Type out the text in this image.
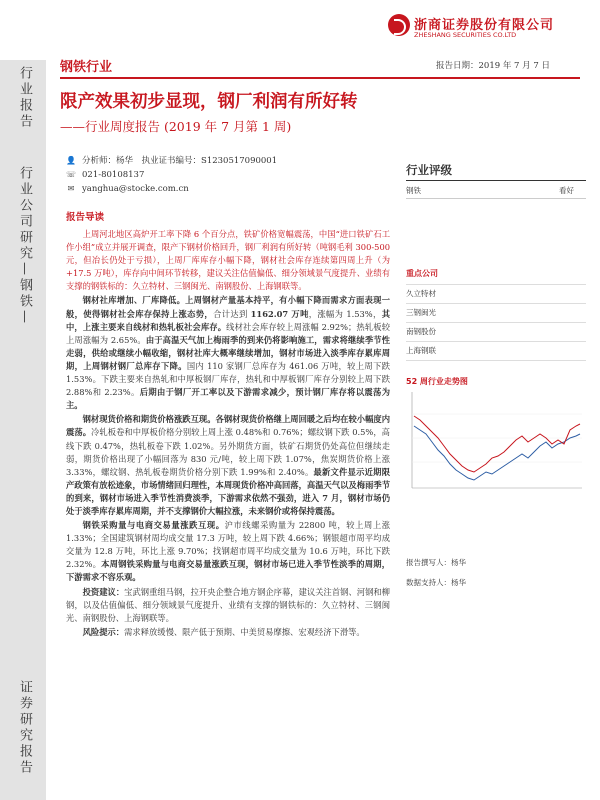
行业报告
行业公司研究—钢铁—
证券研究报告
浙商证券股份有限公司
ZHESHANG SECURITIES CO.LTD
钢铁行业	报告日期：2019 年 7 月 7 日
限产效果初步显现，钢厂利润有所好转
——行业周度报告 (2019 年 7 月第 1 周)
👤 分析师：杨华　执业证书编号：S1230517090001
☏ 021-80108137
✉ yanghua@stocke.com.cn
报告导读

上周河北地区高炉开工率下降 6 个百分点，铁矿价格宽幅震荡，中国“进口铁矿石工作小组”成立并展开调查，限产下钢材价格回升，钢厂利润有所好转（吨钢毛利 300-500 元，但冶长仍处于亏损），上周厂库库存小幅下降，钢材社会库存连续第四周上升（为+17.5 万吨），库存向中间环节转移，建议关注估值偏低、细分领域景气度提升、业绩有支撑的钢铁标的：久立特材、三钢闽光、南钢股份、上海钢联等。

钢材社库增加、厂库降低。上周钢材产量基本持平，有小幅下降而需求方面表现一般，使得钢材社会库存保持上涨态势，合计达到 1162.07 万吨，涨幅为 1.53%，其中，上涨主要来自线材和热轧板社会库存。线材社会库存较上周涨幅 2.92%；热轧板较上周涨幅为 2.65%。由于高温天气加上梅雨季的到来仍将影响施工，需求将继续季节性走弱，供给或继续小幅收缩，钢材社库大概率继续增加，钢材市场进入淡季库存累库周期，上周钢材钢厂总库存下降。国内 110 家钢厂总库存为 461.06 万吨，较上周下跌 1.53%。下跌主要来自热轧和中厚板钢厂库存，热轧和中厚板钢厂库存分别较上周下跌 2.88%和 2.23%。后期由于钢厂开工率以及下游需求减少，预计钢厂库存将以震荡为主。

钢材现货价格和期货价格涨跌互现。各钢材现货价格继上周回暖之后均在较小幅度内震荡。冷轧板卷和中厚板价格分别较上周上涨 0.48%和 0.76%；螺纹钢下跌 0.5%，高线下跌 0.47%，热轧板卷下跌 1.02%。另外期货方面，铁矿石期货仍处高位但继续走弱，期货价格出现了小幅回落为 830 元/吨，较上周下跌 1.07%，焦炭期货价格上涨 3.33%，螺纹钢、热轧板卷期货价格分别下跌 1.99%和 2.40%。最新文件显示近期限产政策有放松迹象，市场情绪回归理性，本周现货价格冲高回落，高温天气以及梅雨季节的到来，钢材市场进入季节性消费淡季，下游需求依然不强劲，进入 7 月，钢材市场仍处于淡季库存累库周期，并不支撑钢价大幅拉涨，未来钢价或将保持震荡。

钢铁采购量与电商交易量涨跌互现。沪市线螺采购量为 22800 吨，较上周上涨 1.33%；全国建筑钢材周均成交量 17.3 万吨，较上周下跌 4.66%；钢银超市周平均成交量为 12.8 万吨，环比上涨 9.70%；找钢超市周平均成交量为 10.6 万吨，环比下跌 2.32%。本周钢铁采购量与电商交易量涨跌互现，钢材市场已进入季节性淡季的周期，下游需求不容乐观。

投资建议：宝武钢重组马钢，拉开央企整合地方钢企序幕，建议关注首钢、河钢和柳钢，以及估值偏低、细分领域景气度提升、业绩有支撑的钢铁标的：久立特材、三钢闽光、南钢股份、上海钢联等。

风险提示：需求释放缓慢、限产低于预期、中美贸易摩擦、宏观经济下滑等。

行业评级
钢铁	看好
重点公司
久立特材
三钢闽光
南钢股份
上海钢联
52 周行业走势图
报告撰写人：杨华
数据支持人：杨华
